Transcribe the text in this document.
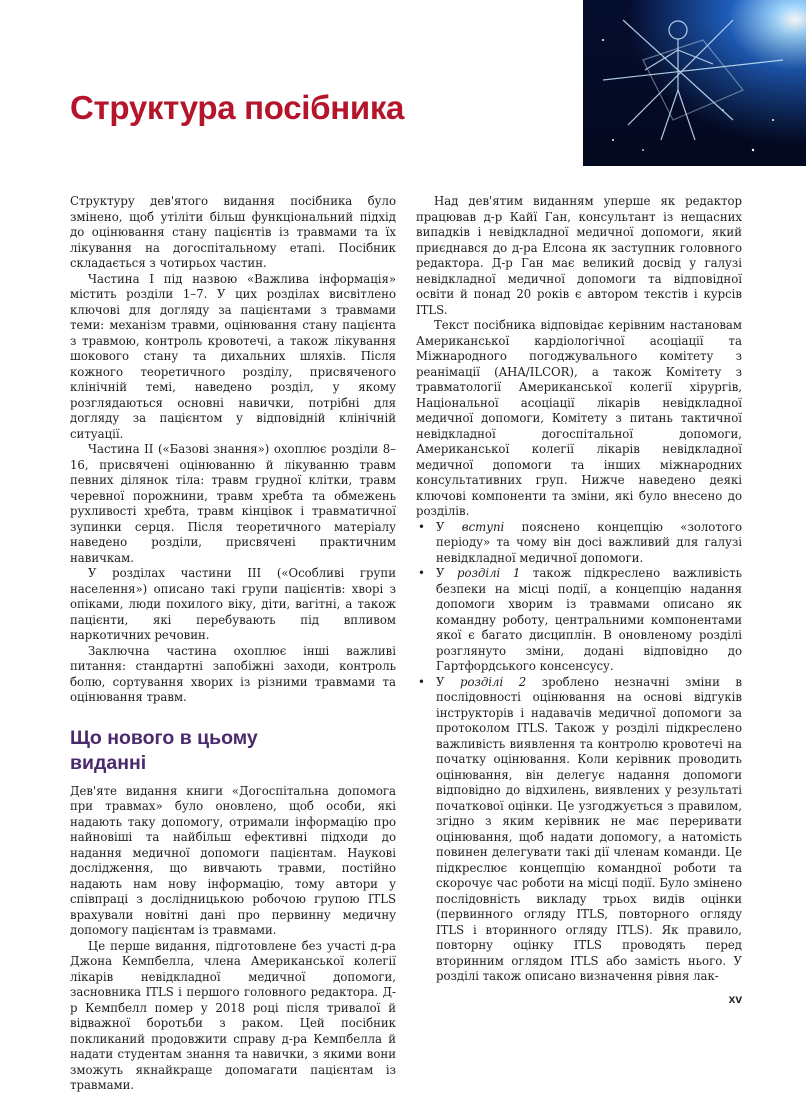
Структура посібника

Структуру дев'ятого видання посібника було змінено, щоб утіліти більш функціональний підхід до оцінювання стану пацієнтів із травмами та їх лікування на догоспітальному етапі. Посібник складається з чотирьох частин.

Частина I під назвою «Важлива інформація» містить розділи 1–7. У цих розділах висвітлено ключові для догляду за пацієнтами з травмами теми: механізм травми, оцінювання стану пацієнта з травмою, контроль кровотечі, а також лікування шокового стану та дихальних шляхів. Після кожного теоретичного розділу, присвяченого клінічній темі, наведено розділ, у якому розглядаються основні навички, потрібні для догляду за пацієнтом у відповідній клінічній ситуації.

Частина II («Базові знання») охоплює розділи 8–16, присвячені оцінюванню й лікуванню травм певних ділянок тіла: травм грудної клітки, травм черевної порожнини, травм хребта та обмежень рухливості хребта, травм кінцівок і травматичної зупинки серця. Після теоретичного матеріалу наведено розділи, присвячені практичним навичкам.

У розділах частини III («Особливі групи населення») описано такі групи пацієнтів: хворі з опіками, люди похилого віку, діти, вагітні, а також пацієнти, які перебувають під впливом наркотичних речовин.

Заключна частина охоплює інші важливі питання: стандартні запобіжні заходи, контроль болю, сортування хворих із різними травмами та оцінювання травм.

Що нового в цьому виданні

Дев'яте видання книги «Догоспітальна допомога при травмах» було оновлено, щоб особи, які надають таку допомогу, отримали інформацію про найновіші та найбільш ефективні підходи до надання медичної допомоги пацієнтам. Наукові дослідження, що вивчають травми, постійно надають нам нову інформацію, тому автори у співпраці з дослідницькою робочою групою ITLS врахували новітні дані про первинну медичну допомогу пацієнтам із травмами.

Це перше видання, підготовлене без участі д-ра Джона Кемпбелла, члена Американської колегії лікарів невідкладної медичної допомоги, засновника ITLS і першого головного редактора. Д-р Кемпбелл помер у 2018 році після тривалої й відважної боротьби з раком. Цей посібник покликаний продовжити справу д-ра Кемпбелла й надати студентам знання та навички, з якими вони зможуть якнайкраще допомагати пацієнтам із травмами.

Над дев'ятим виданням уперше як редактор працював д-р Кайї Ган, консультант із нещасних випадків і невідкладної медичної допомоги, який приєднався до д-ра Елсона як заступник головного редактора. Д-р Ган має великий досвід у галузі невідкладної медичної допомоги та відповідної освіти й понад 20 років є автором текстів і курсів ITLS.

Текст посібника відповідає керівним настановам Американської кардіологічної асоціації та Міжнародного погоджувального комітету з реанімації (AHA/ILCOR), а також Комітету з травматології Американської колегії хірургів, Національної асоціації лікарів невідкладної медичної допомоги, Комітету з питань тактичної невідкладної догоспітальної допомоги, Американської колегії лікарів невідкладної медичної допомоги та інших міжнародних консультативних груп. Нижче наведено деякі ключові компоненти та зміни, які було внесено до розділів.

• У вступі пояснено концепцію «золотого періоду» та чому він досі важливий для галузі невідкладної медичної допомоги.
• У розділі 1 також підкреслено важливість безпеки на місці події, а концепцію надання допомоги хворим із травмами описано як командну роботу, центральними компонентами якої є багато дисциплін. В оновленому розділі розглянуто зміни, додані відповідно до Гартфордського консенсусу.
• У розділі 2 зроблено незначні зміни в послідовності оцінювання на основі відгуків інструкторів і надавачів медичної допомоги за протоколом ITLS. Також у розділі підкреслено важливість виявлення та контролю кровотечі на початку оцінювання. Коли керівник проводить оцінювання, він делегує надання допомоги відповідно до відхилень, виявлених у результаті початкової оцінки. Це узгоджується з правилом, згідно з яким керівник не має переривати оцінювання, щоб надати допомогу, а натомість повинен делегувати такі дії членам команди. Це підкреслює концепцію командної роботи та скорочує час роботи на місці події. Було змінено послідовність викладу трьох видів оцінки (первинного огляду ITLS, повторного огляду ITLS і вторинного огляду ITLS). Як правило, повторну оцінку ITLS проводять перед вторинним оглядом ITLS або замість нього. У розділі також описано визначення рівня лак-
xv
